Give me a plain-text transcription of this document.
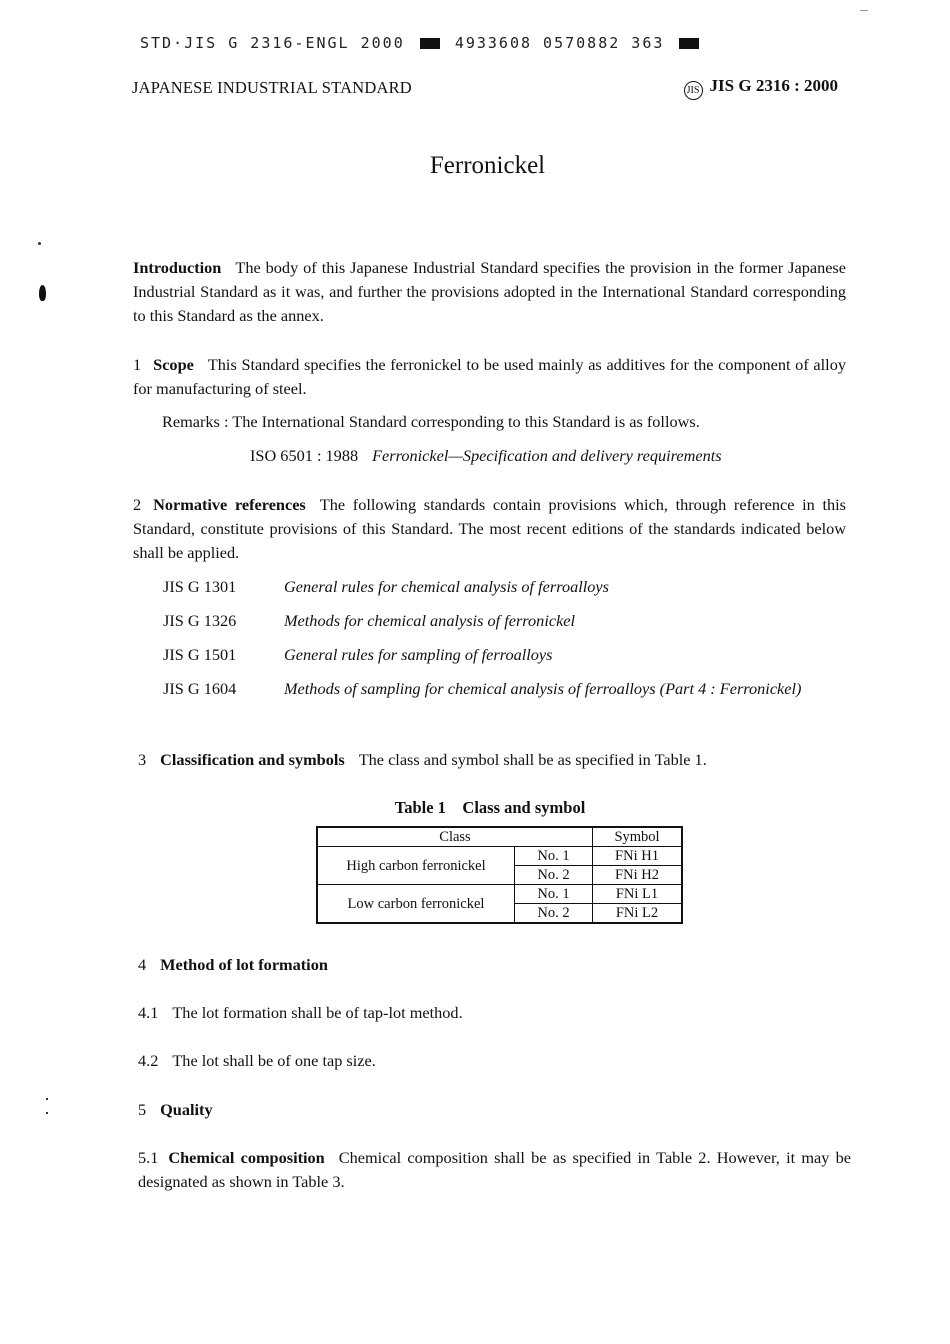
STD·JIS G 2316-ENGL 2000	4933608 0570882 363
JAPANESE INDUSTRIAL STANDARD	JIS JIS G 2316 : 2000
Ferronickel
Introduction The body of this Japanese Industrial Standard specifies the provision in the former Japanese Industrial Standard as it was, and further the provisions adopted in the International Standard corresponding to this Standard as the annex.
1 Scope This Standard specifies the ferronickel to be used mainly as additives for the component of alloy for manufacturing of steel.
Remarks : The International Standard corresponding to this Standard is as follows.
ISO 6501 : 1988 Ferronickel—Specification and delivery requirements
2 Normative references The following standards contain provisions which, through reference in this Standard, constitute provisions of this Standard. The most recent editions of the standards indicated below shall be applied.
JIS G 1301	General rules for chemical analysis of ferroalloys
JIS G 1326	Methods for chemical analysis of ferronickel
JIS G 1501	General rules for sampling of ferroalloys
JIS G 1604	Methods of sampling for chemical analysis of ferroalloys (Part 4 : Ferronickel)
3 Classification and symbols The class and symbol shall be as specified in Table 1.
Table 1    Class and symbol
Class		Symbol
High carbon ferronickel	No. 1	FNi H1
	No. 2	FNi H2
Low carbon ferronickel	No. 1	FNi L1
	No. 2	FNi L2
4 Method of lot formation
4.1 The lot formation shall be of tap-lot method.
4.2 The lot shall be of one tap size.
5 Quality
5.1 Chemical composition Chemical composition shall be as specified in Table 2. However, it may be designated as shown in Table 3.
